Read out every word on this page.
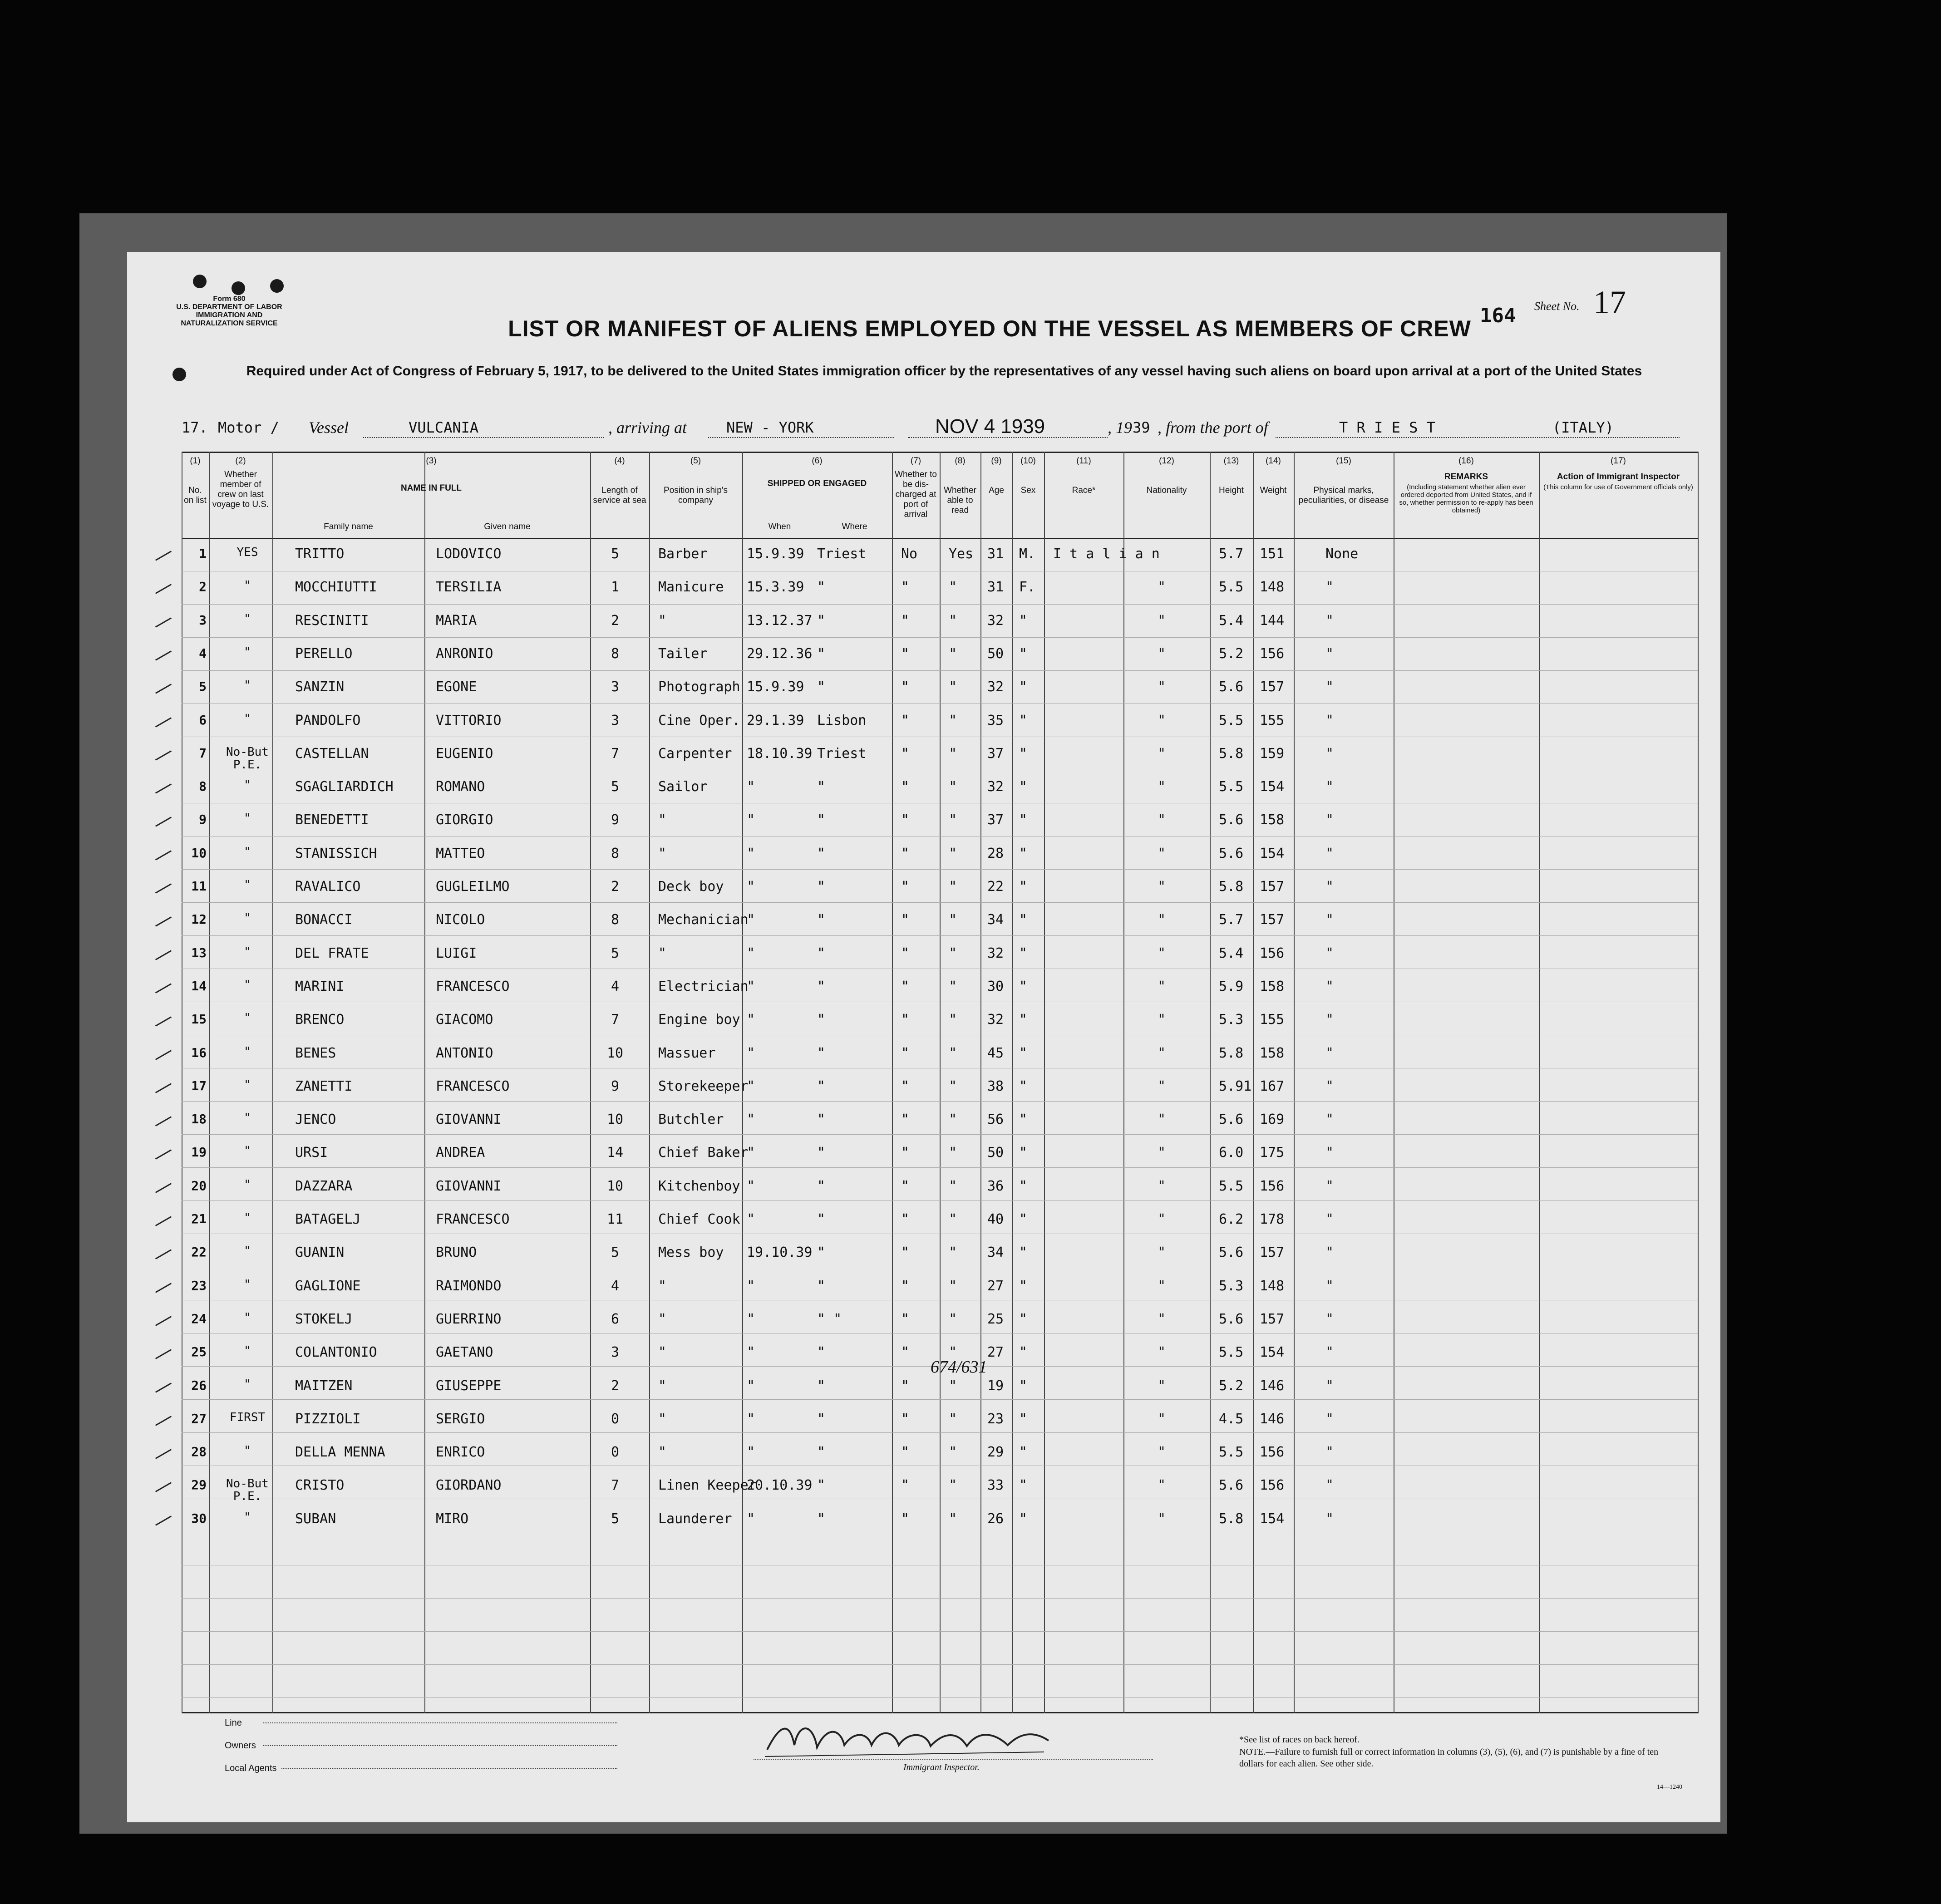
Form 680
U.S. DEPARTMENT OF LABOR
IMMIGRATION AND NATURALIZATION SERVICE	LIST OR MANIFEST OF ALIENS EMPLOYED ON THE VESSEL AS MEMBERS OF CREW
164 Sheet No. 17
Required under Act of Congress of February 5, 1917, to be delivered to the United States immigration officer by the representatives of any vessel having such aliens on board upon arrival at a port of the United States
17. Motor / Vessel	VULCANIA	, arriving at	NEW - YORK	NOV 4 1939	, 19 39 , from the port of	T R I E S T	(ITALY)
(1)
No. on list
(2)
Whether member of crew on last voyage to U.S.
(3)
NAME IN FULL
Family name	Given name
(4)
Length of service at sea
(5)
Position in ship's company
(6)
SHIPPED OR ENGAGED
When	Where
(7)
Whether to be dis-charged at port of arrival
(8)
Whether able to read
(9)
Age
(10)
Sex
(11)
Race*
(12)
Nationality
(13)
Height
(14)
Weight
(15)
Physical marks, peculiarities, or disease
(16)
REMARKS
(Including statement whether alien ever ordered deported from United States, and if so, whether permission to re-apply has been obtained)
(17)
Action of Immigrant Inspector
(This column for use of Government officials only)
1	YES	TRITTO	LODOVICO	5	Barber	15.9.39 Triest	No Yes 31 M. I t a l i a n	5.7 151	None
2	"	MOCCHIUTTI	TERSILIA	1	Manicure 15.3.39 "	"	" 31 F.	"	5.5 148	"
3	"	RESCINITI	MARIA	2	"	13.12.37 "	"	" 32 "	"	5.4 144	"
4	"	PERELLO	ANRONIO	8	Tailer	29.12.36 "	"	" 50 "	"	5.2 156	"
5	"	SANZIN	EGONE	3	Photograph 15.9.39 "	"	" 32 "	"	5.6 157	"
6	"	PANDOLFO	VITTORIO	3	Cine Oper. 29.1.39 Lisbon	"	" 35 "	"	5.5 155	"
7 No-But P.E.
CASTELLAN	EUGENIO	7	Carpenter 18.10.39 Triest	"	" 37 "	"	5.8 159	"
8	"	SGAGLIARDICH	ROMANO	5	Sailor	"	"	"	" 32 "	"	5.5 154	"
9	"	BENEDETTI	GIORGIO	9	"	"	"	"	" 37 "	"	5.6 158	"
10	"	STANISSICH	MATTEO	8	"	"	"	"	" 28 "	"	5.6 154	"
11	"	RAVALICO	GUGLEILMO	2	Deck boy "	"	"	" 22 "	"	5.8 157	"
12	"	BONACCI	NICOLO	8	Mechanician
"	"	"	" 34 "	"	5.7 157	"
13	"	DEL FRATE	LUIGI	5	"	"	"	"	" 32 "	"	5.4 156	"
14	"	MARINI	FRANCESCO	4	Electrician
"	"	"	" 30 "	"	5.9 158	"
15	"	BRENCO	GIACOMO	7	Engine boy "	"	"	" 32 "	"	5.3 155	"
16	"	BENES	ANTONIO	10	Massuer "	"	"	" 45 "	"	5.8 158	"
17	"	ZANETTI	FRANCESCO	9	Storekeeper
"	"	"	" 38 "	"	5.91 167	"
18	"	JENCO	GIOVANNI	10	Butchler "	"	"	" 56 "	"	5.6 169	"
19	"	URSI	ANDREA	14	Chief Baker
"	"	"	" 50 "	"	6.0 175	"
20	"	DAZZARA	GIOVANNI	10	Kitchenboy "	"	"	" 36 "	"	5.5 156	"
21	"	BATAGELJ	FRANCESCO	11	Chief Cook "	"	"	" 40 "	"	6.2 178	"
22	"	GUANIN	BRUNO	5	Mess boy 19.10.39 "	"	" 34 "	"	5.6 157	"
23	"	GAGLIONE	RAIMONDO	4	"	"	"	"	" 27 "	"	5.3 148	"
24	"	STOKELJ	GUERRINO	6	"	"	" "	"	" 25 "	"	5.6 157	"
25	"	COLANTONIO	GAETANO	3	"	"	"	"	" 27 "	"	5.5 154	"
26	"	MAITZEN	GIUSEPPE	2	"	"	"	"	" 19 "	"	5.2 146	"
27	FIRST	PIZZIOLI	SERGIO	0	"	"	"	"	" 23 "	"	4.5 146	"
28	"	DELLA MENNA	ENRICO	0	"	"	"	"	" 29 "	"	5.5 156	"
29 No-But P.E.
CRISTO	GIORDANO	7	Linen Keeper
20.10.39 "	"	" 33 "	"	5.6 156	"
30	"	SUBAN	MIRO	5	Launderer "	"	"	" 26 "	"	5.8 154	"
674/631
Line
Owners
Local Agents	Immigrant Inspector.
*See list of races on back hereof.
NOTE.—Failure to furnish full or correct information in columns (3), (5), (6), and (7) is punishable by a fine of ten dollars for each alien. See other side.
14—1240
